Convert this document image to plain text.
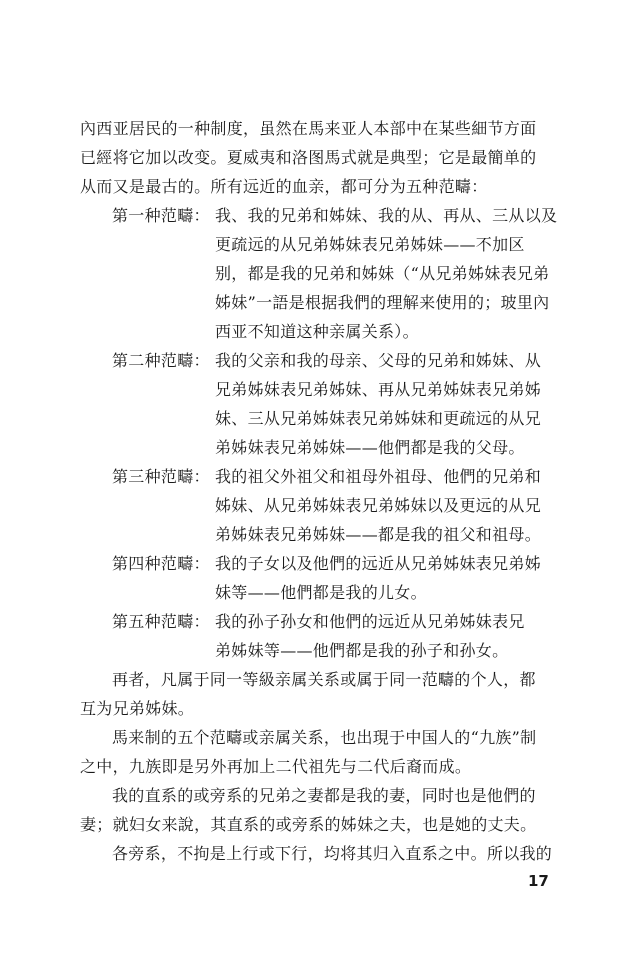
內西亚居民的一种制度，虽然在馬来亚人本部中在某些細节方面
已經将它加以改变。夏威夷和洛图馬式就是典型；它是最簡单的
从而又是最古的。所有远近的血亲，都可分为五种范疇：
第一种范疇： 我、我的兄弟和姊妹、我的从、再从、三从以及
更疏远的从兄弟姊妹表兄弟姊妹——不加区
别，都是我的兄弟和姊妹（“从兄弟姊妹表兄弟
姊妹”一語是根据我們的理解来使用的；玻里內
西亚不知道这种亲属关系）。
第二种范疇： 我的父亲和我的母亲、父母的兄弟和姊妹、从
兄弟姊妹表兄弟姊妹、再从兄弟姊妹表兄弟姊
妹、三从兄弟姊妹表兄弟姊妹和更疏远的从兄
弟姊妹表兄弟姊妹——他們都是我的父母。
第三种范疇： 我的祖父外祖父和祖母外祖母、他們的兄弟和
姊妹、从兄弟姊妹表兄弟姊妹以及更远的从兄
弟姊妹表兄弟姊妹——都是我的祖父和祖母。
第四种范疇： 我的子女以及他們的远近从兄弟姊妹表兄弟姊
妹等——他們都是我的儿女。
第五种范疇： 我的孙子孙女和他們的远近从兄弟姊妹表兄
弟姊妹等——他們都是我的孙子和孙女。
再者，凡属于同一等級亲属关系或属于同一范疇的个人，都
互为兄弟姊妹。
馬来制的五个范疇或亲属关系，也出現于中国人的“九族”制
之中，九族即是另外再加上二代祖先与二代后裔而成。
我的直系的或旁系的兄弟之妻都是我的妻，同时也是他們的
妻；就妇女来說，其直系的或旁系的姊妹之夫，也是她的丈夫。
各旁系，不拘是上行或下行，均将其归入直系之中。所以我的
17
